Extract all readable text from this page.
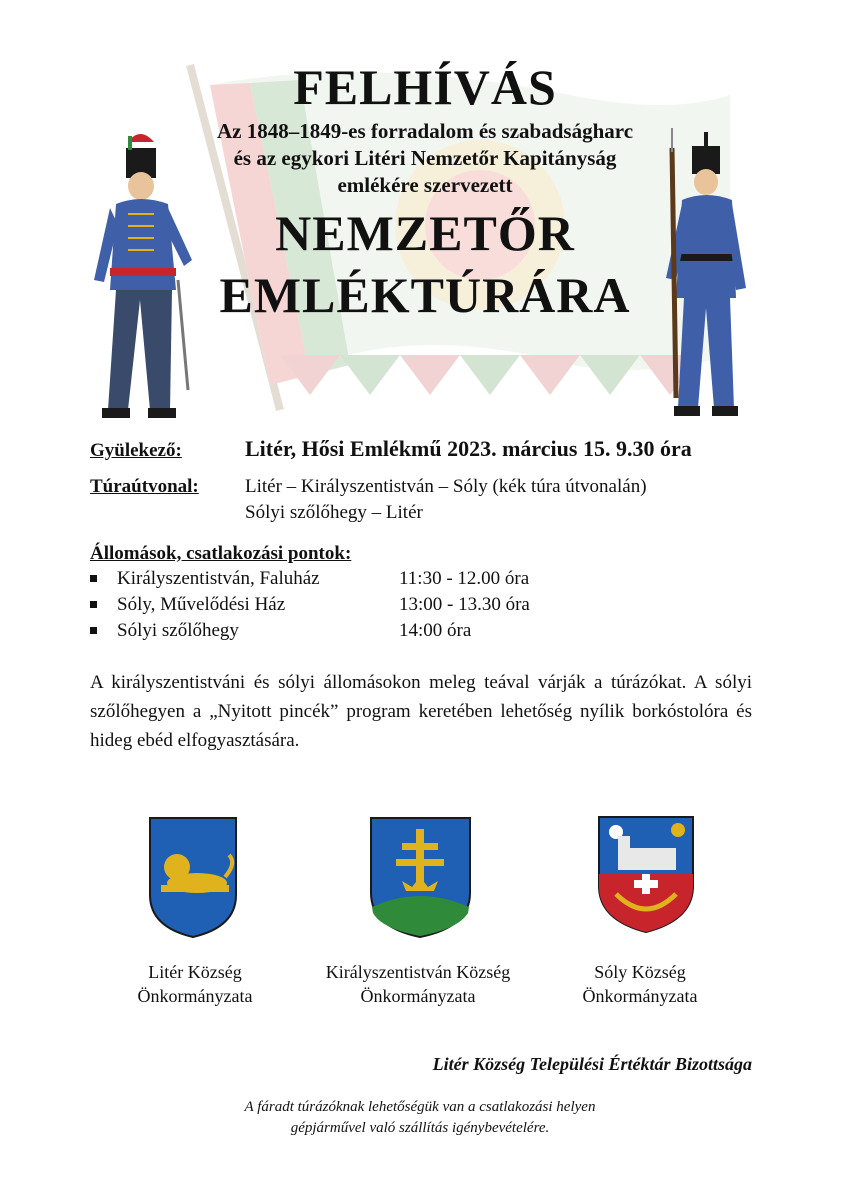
FELHÍVÁS
Az 1848–1849-es forradalom és szabadságharc
és az egykori Litéri Nemzetőr Kapitányság
emlékére szervezett
NEMZETŐR
EMLÉKTÚRÁRA
Gyülekező:	Litér, Hősi Emlékmű 2023. március 15. 9.30 óra
Túraútvonal: Litér – Királyszentistván – Sóly (kék túra útvonalán)
Sólyi szőlőhegy – Litér
Állomások, csatlakozási pontok:
Királyszentistván, Faluház	11:30 - 12.00 óra
Sóly, Művelődési Ház	13:00 - 13.30 óra
Sólyi szőlőhegy	14:00 óra
A királyszentistváni és sólyi állomásokon meleg teával várják a túrázókat. A sólyi szőlőhegyen a „Nyitott pincék” program keretében lehetőség nyílik borkóstolóra és hideg ebéd elfogyasztására.
Litér Község
Önkormányzata
Királyszentistván Község
Önkormányzata
Sóly Község
Önkormányzata
Litér Község Települési Értéktár Bizottsága
A fáradt túrázóknak lehetőségük van a csatlakozási helyen
gépjárművel való szállítás igénybevételére.
